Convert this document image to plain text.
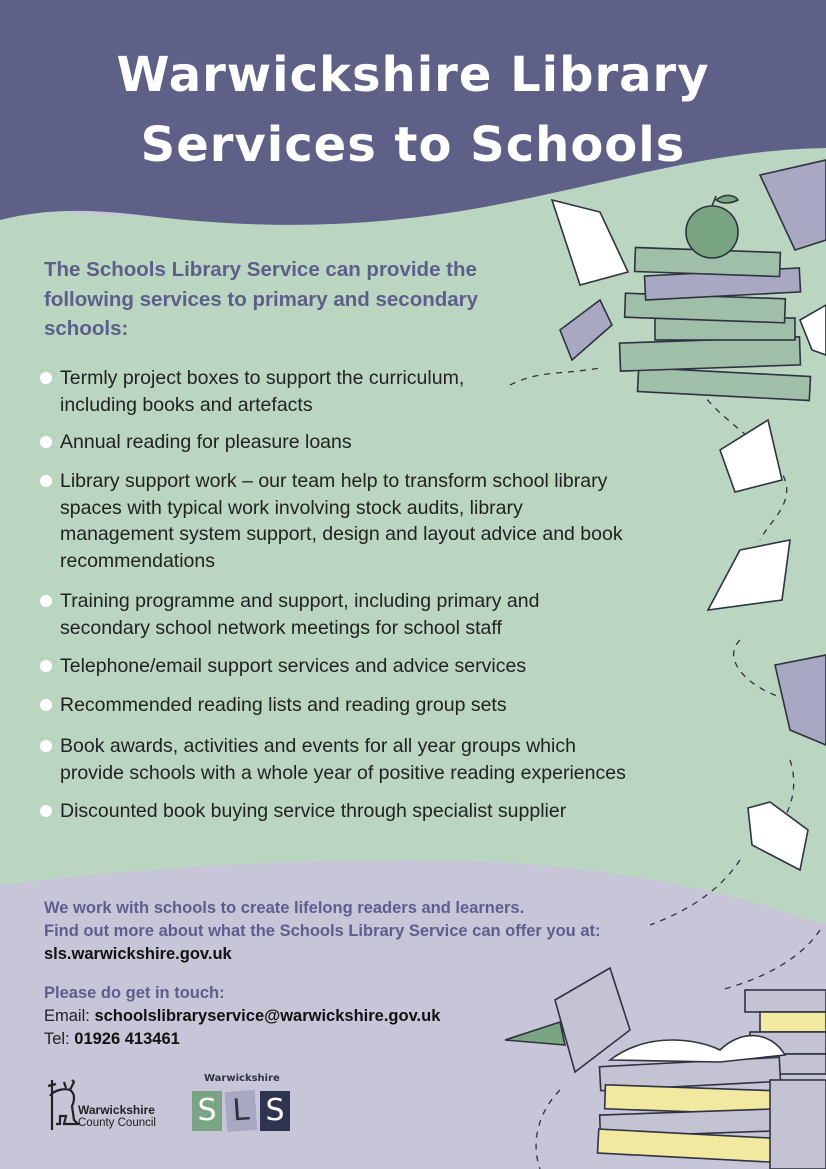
Warwickshire Library
Services to Schools
The Schools Library Service can provide the
following services to primary and secondary
schools:
Termly project boxes to support the curriculum,
including books and artefacts
Annual reading for pleasure loans
Library support work – our team help to transform school library
spaces with typical work involving stock audits, library
management system support, design and layout advice and book
recommendations
Training programme and support, including primary and
secondary school network meetings for school staff
Telephone/email support services and advice services
Recommended reading lists and reading group sets
Book awards, activities and events for all year groups which
provide schools with a whole year of positive reading experiences
Discounted book buying service through specialist supplier
We work with schools to create lifelong readers and learners.
Find out more about what the Schools Library Service can offer you at:
sls.warwickshire.gov.uk
Please do get in touch:
Email: schoolslibraryservice@warwickshire.gov.uk
Tel: 01926 413461
Warwickshire
County Council
Warwickshire
S L S
